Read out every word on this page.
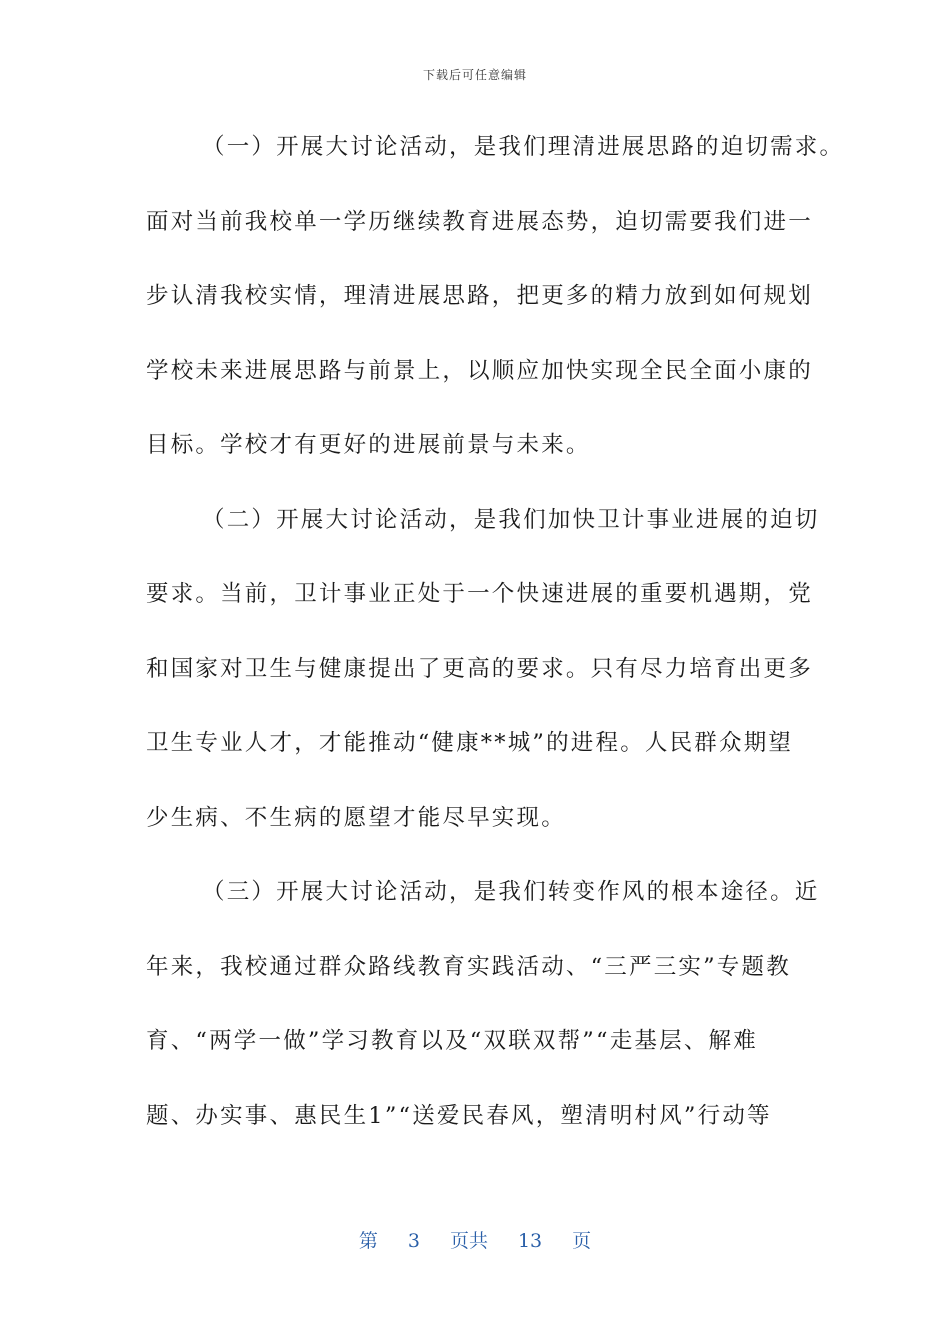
下载后可任意编辑
（一）开展大讨论活动，是我们理清进展思路的迫切需求。
面对当前我校单一学历继续教育进展态势，迫切需要我们进一
步认清我校实情，理清进展思路，把更多的精力放到如何规划
学校未来进展思路与前景上，以顺应加快实现全民全面小康的
目标。学校才有更好的进展前景与未来。
（二）开展大讨论活动，是我们加快卫计事业进展的迫切
要求。当前，卫计事业正处于一个快速进展的重要机遇期，党
和国家对卫生与健康提出了更高的要求。只有尽力培育出更多
卫生专业人才，才能推动“健康**城”的进程。人民群众期望
少生病、不生病的愿望才能尽早实现。
（三）开展大讨论活动，是我们转变作风的根本途径。近
年来，我校通过群众路线教育实践活动、“三严三实”专题教
育、“两学一做”学习教育以及“双联双帮”“走基层、解难
题、办实事、惠民生1”“送爱民春风，塑清明村风”行动等
第 3 页共 13 页
